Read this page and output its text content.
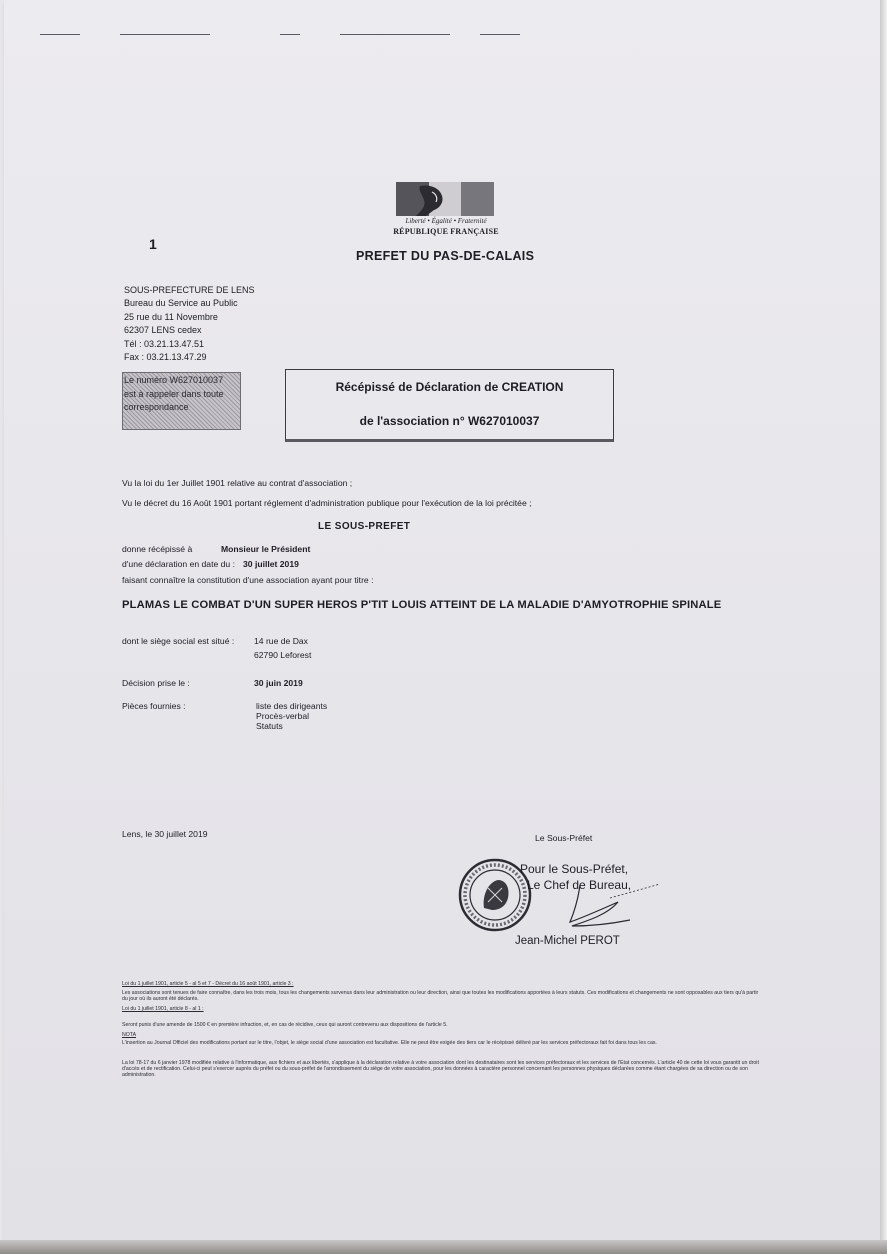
Liberté • Égalité • Fraternité
RÉPUBLIQUE FRANÇAISE
PREFET DU PAS-DE-CALAIS
1
SOUS-PREFECTURE DE LENS
Bureau du Service au Public
25 rue du 11 Novembre
62307 LENS cedex
Tél : 03.21.13.47.51
Fax : 03.21.13.47.29
Le numéro W627010037
est à rappeler dans toute
correspondance
Récépissé de Déclaration de CREATION
de l'association n° W627010037
Vu la loi du 1er Juillet 1901 relative au contrat d'association ;
Vu le décret du 16 Août 1901 portant réglement d'administration publique pour l'exécution de la loi précitée ;
LE SOUS-PREFET
donne récépissé à	Monsieur le Président
d'une déclaration en date du : 30 juillet 2019
faisant connaître la constitution d'une association ayant pour titre :
PLAMAS LE COMBAT D'UN SUPER HEROS P'TIT LOUIS ATTEINT DE LA MALADIE D'AMYOTROPHIE SPINALE
dont le siège social est situé : 14 rue de Dax
62790 Leforest
Décision prise le :	30 juin 2019
Pièces fournies :	liste des dirigeants
Procès-verbal
Statuts
Lens, le 30 juillet 2019	Le Sous-Préfet
Pour le Sous-Préfet,
Le Chef de Bureau,
Jean-Michel PEROT
Loi du 1 juillet 1901, article 5 - al 5 et 7 - Décret du 16 août 1901, article 3 :
Les associations sont tenues de faire connaître, dans les trois mois, tous les changements survenus dans leur administration ou leur direction, ainsi que toutes les modifications apportées à leurs statuts. Ces modifications et changements ne sont opposables aux tiers qu'à partir du jour où ils auront été déclarés.
Loi du 1 juillet 1901, article 8 - al 1 :
Seront punis d'une amende de 1500 € en première infraction, et, en cas de récidive, ceux qui auront contrevenu aux dispositions de l'article 5.
NOTA
L'insertion au Journal Officiel des modifications portant sur le titre, l'objet, le siège social d'une association est facultative. Elle ne peut être exigée des tiers car le récépissé délivré par les services préfectoraux fait foi dans tous les cas.
La loi 78-17 du 6 janvier 1978 modifiée relative à l'informatique, aux fichiers et aux libertés, s'applique à la déclaration relative à votre association dont les destinataires sont les services préfectoraux et les services de l'Etat concernés. L'article 40 de cette loi vous garantit un droit d'accès et de rectification. Celui-ci peut s'exercer auprès du préfet ou du sous-préfet de l'arrondissement du siège de votre association, pour les données à caractère personnel concernant les personnes physiques déclarées comme étant chargées de sa direction ou de son administration.
